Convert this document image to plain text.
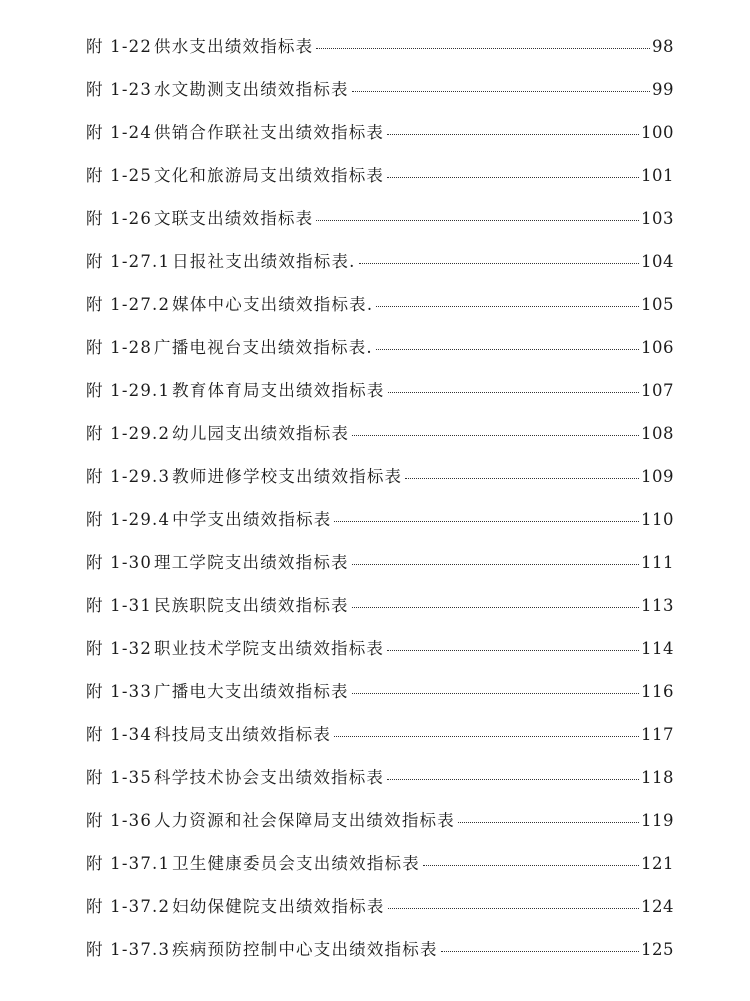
附 1-22 供水支出绩效指标表	98
附 1-23 水文勘测支出绩效指标表	99
附 1-24 供销合作联社支出绩效指标表	100
附 1-25 文化和旅游局支出绩效指标表	101
附 1-26 文联支出绩效指标表	103
附 1-27.1 日报社支出绩效指标表.	104
附 1-27.2 媒体中心支出绩效指标表.	105
附 1-28 广播电视台支出绩效指标表.	106
附 1-29.1 教育体育局支出绩效指标表	107
附 1-29.2 幼儿园支出绩效指标表	108
附 1-29.3 教师进修学校支出绩效指标表	109
附 1-29.4 中学支出绩效指标表	110
附 1-30 理工学院支出绩效指标表	111
附 1-31 民族职院支出绩效指标表	113
附 1-32 职业技术学院支出绩效指标表	114
附 1-33 广播电大支出绩效指标表	116
附 1-34 科技局支出绩效指标表	117
附 1-35 科学技术协会支出绩效指标表	118
附 1-36 人力资源和社会保障局支出绩效指标表	119
附 1-37.1 卫生健康委员会支出绩效指标表	121
附 1-37.2 妇幼保健院支出绩效指标表	124
附 1-37.3 疾病预防控制中心支出绩效指标表	125
